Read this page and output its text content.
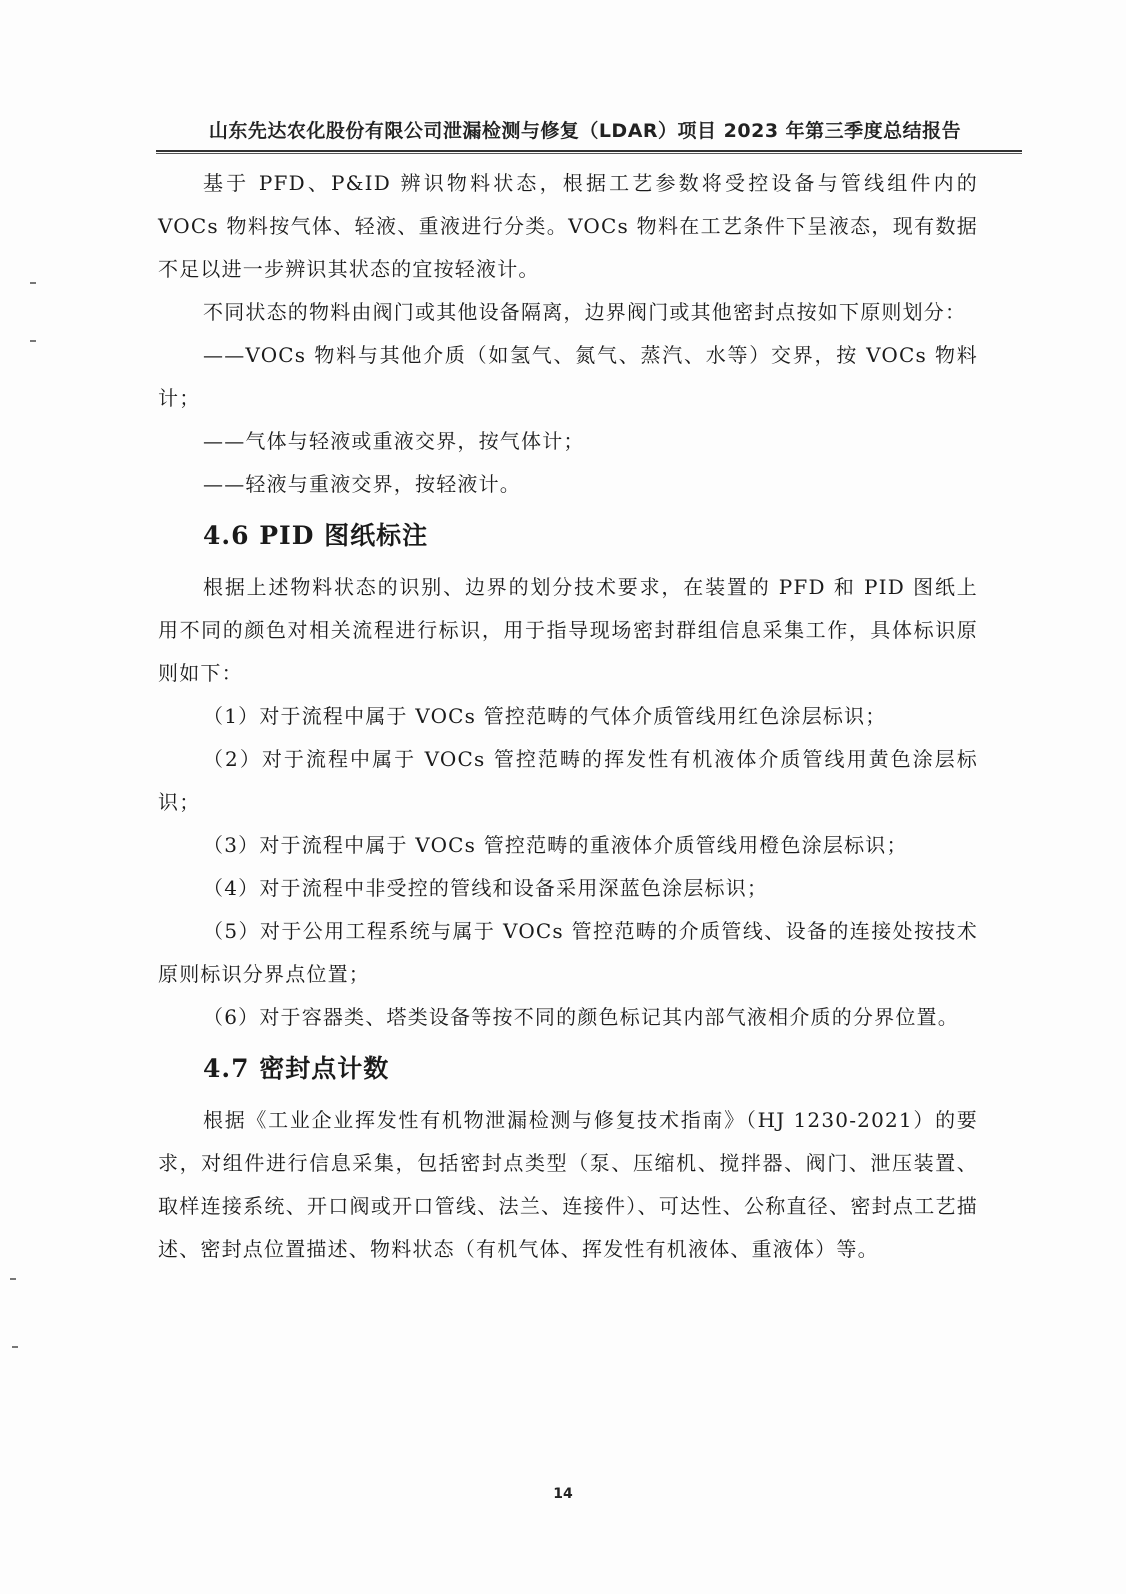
山东先达农化股份有限公司泄漏检测与修复（LDAR）项目 2023 年第三季度总结报告

基于 PFD、P&ID 辨识物料状态，根据工艺参数将受控设备与管线组件内的 VOCs 物料按气体、轻液、重液进行分类。VOCs 物料在工艺条件下呈液态，现有数据不足以进一步辨识其状态的宜按轻液计。

不同状态的物料由阀门或其他设备隔离，边界阀门或其他密封点按如下原则划分：

——VOCs 物料与其他介质（如氢气、氮气、蒸汽、水等）交界，按 VOCs 物料计；

——气体与轻液或重液交界，按气体计；

——轻液与重液交界，按轻液计。

4.6 PID 图纸标注

根据上述物料状态的识别、边界的划分技术要求，在装置的 PFD 和 PID 图纸上用不同的颜色对相关流程进行标识，用于指导现场密封群组信息采集工作，具体标识原则如下：

（1）对于流程中属于 VOCs 管控范畴的气体介质管线用红色涂层标识；

（2）对于流程中属于 VOCs 管控范畴的挥发性有机液体介质管线用黄色涂层标识；

（3）对于流程中属于 VOCs 管控范畴的重液体介质管线用橙色涂层标识；

（4）对于流程中非受控的管线和设备采用深蓝色涂层标识；

（5）对于公用工程系统与属于 VOCs 管控范畴的介质管线、设备的连接处按技术原则标识分界点位置；

（6）对于容器类、塔类设备等按不同的颜色标记其内部气液相介质的分界位置。

4.7 密封点计数

根据《工业企业挥发性有机物泄漏检测与修复技术指南》（HJ 1230-2021）的要求，对组件进行信息采集，包括密封点类型（泵、压缩机、搅拌器、阀门、泄压装置、取样连接系统、开口阀或开口管线、法兰、连接件）、可达性、公称直径、密封点工艺描述、密封点位置描述、物料状态（有机气体、挥发性有机液体、重液体）等。

14
